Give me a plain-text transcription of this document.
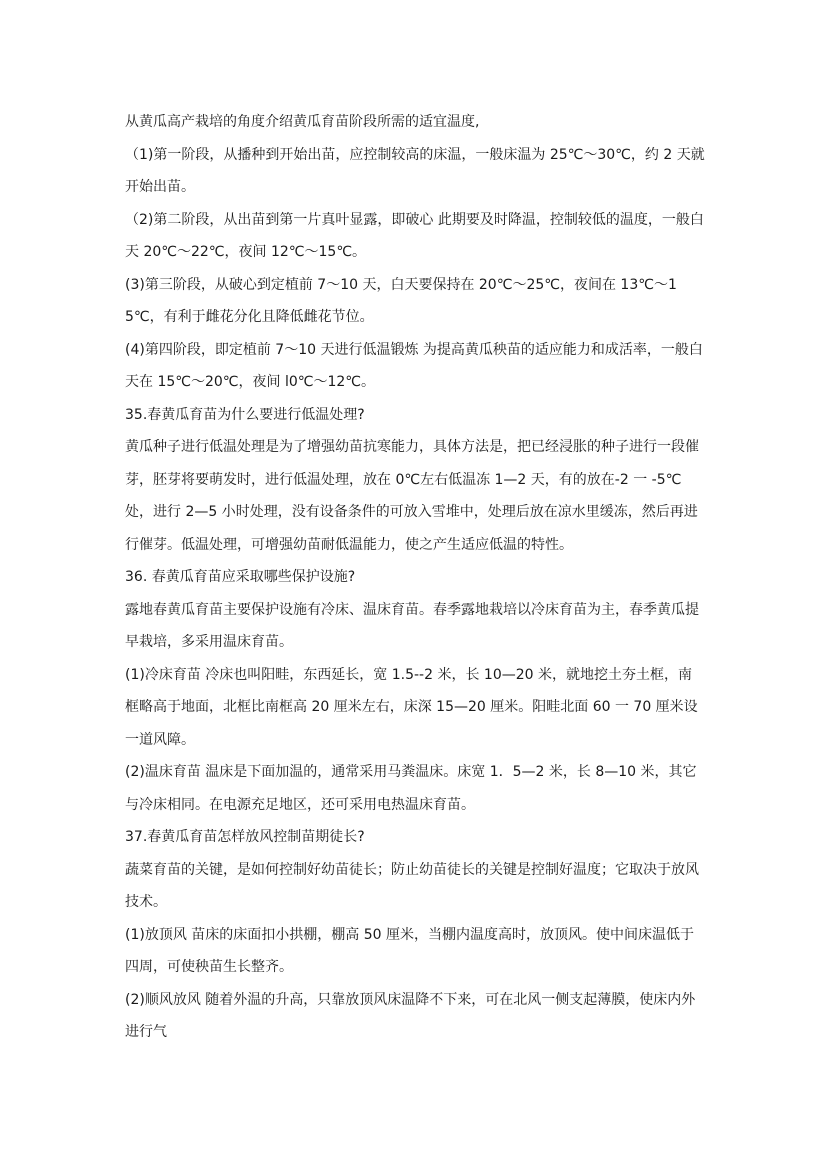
从黄瓜高产栽培的角度介绍黄瓜育苗阶段所需的适宜温度,

（1)第一阶段，从播种到开始出苗，应控制较高的床温，一般床温为 25℃～30℃，约 2 天就开始出苗。

（2)第二阶段，从出苗到第一片真叶显露，即破心 此期要及时降温，控制较低的温度，一般白天 20℃～22℃，夜间 12℃～15℃。

(3)第三阶段，从破心到定植前 7～10 天，白天要保持在 20℃～25℃，夜间在 13℃～15℃，有利于雌花分化且降低雌花节位。

(4)第四阶段，即定植前 7～10 天进行低温锻炼 为提高黄瓜秧苗的适应能力和成活率，一般白天在 15℃～20℃，夜间 l0℃～12℃。

35.春黄瓜育苗为什么要进行低温处理?

黄瓜种子进行低温处理是为了增强幼苗抗寒能力，具体方法是，把已经浸胀的种子进行一段催芽，胚芽将要萌发时，进行低温处理，放在 0℃左右低温冻 1—2 天，有的放在-2 一 -5℃处，进行 2—5 小时处理，没有设备条件的可放入雪堆中，处理后放在凉水里缓冻，然后再进行催芽。低温处理，可增强幼苗耐低温能力，使之产生适应低温的特性。

36. 春黄瓜育苗应采取哪些保护设施?

露地春黄瓜育苗主要保护设施有冷床、温床育苗。春季露地栽培以冷床育苗为主，春季黄瓜提早栽培，多采用温床育苗。

(1)冷床育苗 冷床也叫阳畦，东西延长，宽 1.5--2 米，长 10—20 米，就地挖土夯土框，南框略高于地面，北框比南框高 20 厘米左右，床深 15—20 厘米。阳畦北面 60 一 70 厘米设一道风障。

(2)温床育苗 温床是下面加温的，通常采用马粪温床。床宽 1．5—2 米，长 8—10 米，其它与冷床相同。在电源充足地区，还可采用电热温床育苗。

37.春黄瓜育苗怎样放风控制苗期徒长?

蔬菜育苗的关键，是如何控制好幼苗徒长；防止幼苗徒长的关键是控制好温度；它取决于放风技术。

(1)放顶风 苗床的床面扣小拱棚，棚高 50 厘米，当棚内温度高时，放顶风。使中间床温低于四周，可使秧苗生长整齐。

(2)顺风放风 随着外温的升高，只靠放顶风床温降不下来，可在北风一侧支起薄膜，使床内外进行气
